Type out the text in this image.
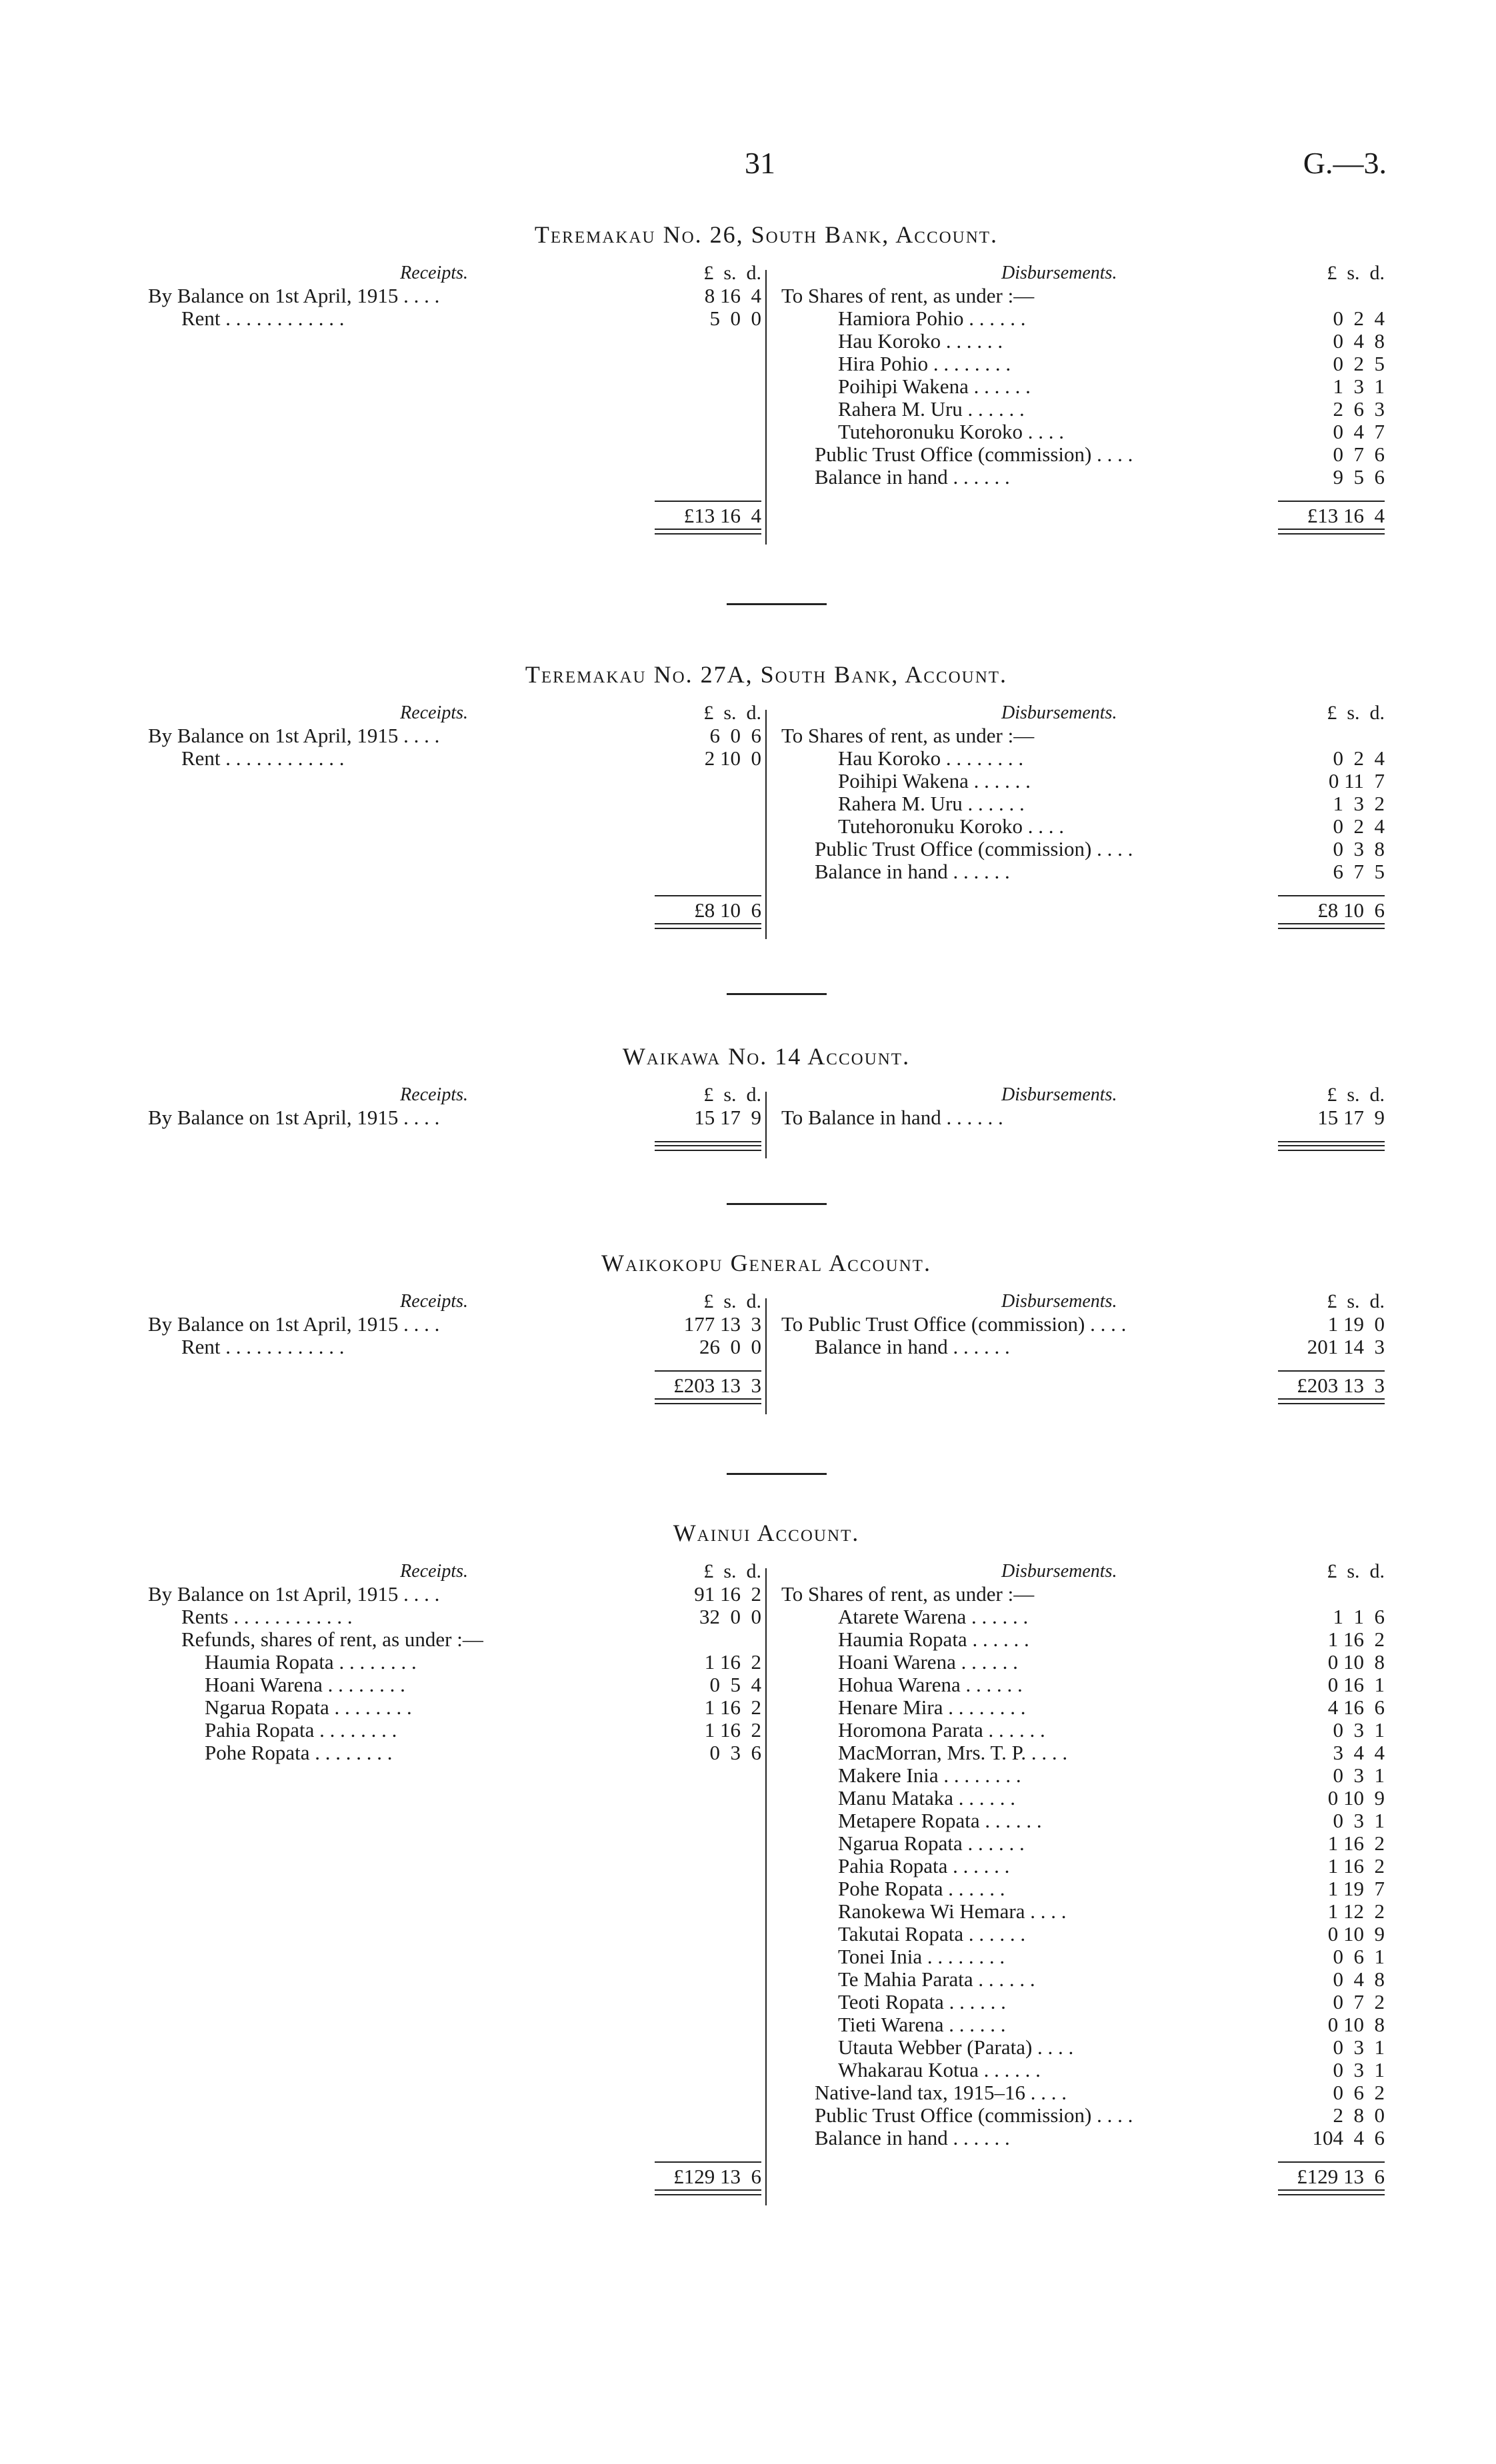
31	G.—3.
Teremakau No. 26, South Bank, Account.
Receipts.	£  s.  d.
By Balance on 1st April, 1915 . . . .	8 16  4
Rent . . . . . . . . . . . .	5  0  0
£13 16  4
Disbursements.	£  s.  d.
To Shares of rent, as under :—
Hamiora Pohio . . . . . .	0  2  4
Hau Koroko . . . . . .	0  4  8
Hira Pohio . . . . . . . .	0  2  5
Poihipi Wakena . . . . . .	1  3  1
Rahera M. Uru . . . . . .	2  6  3
Tutehoronuku Koroko . . . .	0  4  7
Public Trust Office (commission) . . . .	0  7  6
Balance in hand . . . . . .	9  5  6
£13 16  4
Teremakau No. 27A, South Bank, Account.
Receipts.	£  s.  d.
By Balance on 1st April, 1915 . . . .	6  0  6
Rent . . . . . . . . . . . .	2 10  0
£8 10  6
Disbursements.	£  s.  d.
To Shares of rent, as under :—
Hau Koroko . . . . . . . .	0  2  4
Poihipi Wakena . . . . . .	0 11  7
Rahera M. Uru . . . . . .	1  3  2
Tutehoronuku Koroko . . . .	0  2  4
Public Trust Office (commission) . . . .	0  3  8
Balance in hand . . . . . .	6  7  5
£8 10  6
Waikawa No. 14 Account.
Receipts.	£  s.  d.
By Balance on 1st April, 1915 . . . .	15 17  9
Disbursements.	£  s.  d.
To Balance in hand . . . . . .	15 17  9
Waikokopu General Account.
Receipts.	£  s.  d.
By Balance on 1st April, 1915 . . . .	177 13  3
Rent . . . . . . . . . . . .	26  0  0
£203 13  3
Disbursements.	£  s.  d.
To Public Trust Office (commission) . . . .	1 19  0
Balance in hand . . . . . .	201 14  3
£203 13  3
Wainui Account.
Receipts.	£  s.  d.
By Balance on 1st April, 1915 . . . .	91 16  2
Rents . . . . . . . . . . . .	32  0  0
Refunds, shares of rent, as under :—
Haumia Ropata . . . . . . . .	1 16  2
Hoani Warena . . . . . . . .	0  5  4
Ngarua Ropata . . . . . . . .	1 16  2
Pahia Ropata . . . . . . . .	1 16  2
Pohe Ropata . . . . . . . .	0  3  6
£129 13  6
Disbursements.	£  s.  d.
To Shares of rent, as under :—
Atarete Warena . . . . . .	1  1  6
Haumia Ropata . . . . . .	1 16  2
Hoani Warena . . . . . .	0 10  8
Hohua Warena . . . . . .	0 16  1
Henare Mira . . . . . . . .	4 16  6
Horomona Parata . . . . . .	0  3  1
MacMorran, Mrs. T. P. . . . .	3  4  4
Makere Inia . . . . . . . .	0  3  1
Manu Mataka . . . . . .	0 10  9
Metapere Ropata . . . . . .	0  3  1
Ngarua Ropata . . . . . .	1 16  2
Pahia Ropata . . . . . .	1 16  2
Pohe Ropata . . . . . .	1 19  7
Ranokewa Wi Hemara . . . .	1 12  2
Takutai Ropata . . . . . .	0 10  9
Tonei Inia . . . . . . . .	0  6  1
Te Mahia Parata . . . . . .	0  4  8
Teoti Ropata . . . . . .	0  7  2
Tieti Warena . . . . . .	0 10  8
Utauta Webber (Parata) . . . .	0  3  1
Whakarau Kotua . . . . . .	0  3  1
Native-land tax, 1915–16 . . . .	0  6  2
Public Trust Office (commission) . . . .	2  8  0
Balance in hand . . . . . .	104  4  6
£129 13  6
